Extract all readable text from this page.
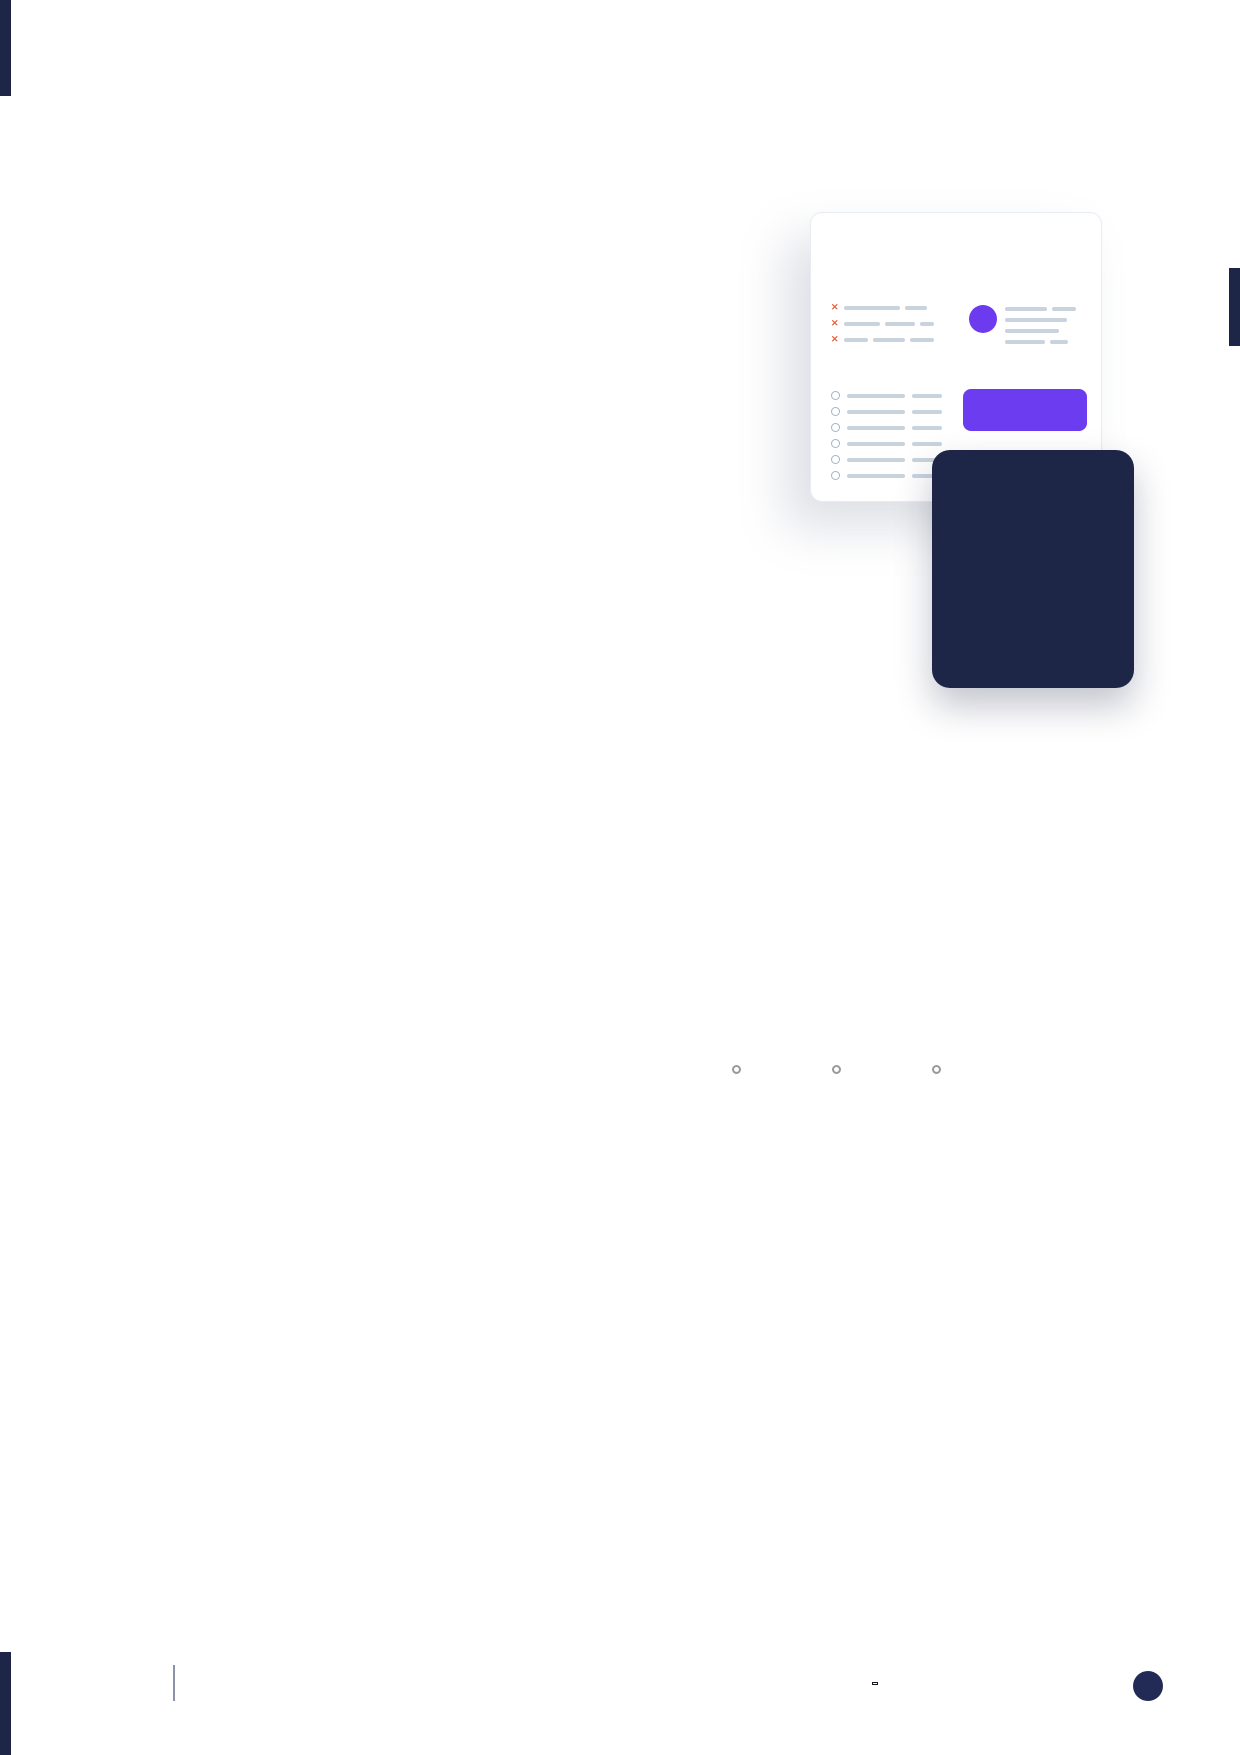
✕
✕
✕
